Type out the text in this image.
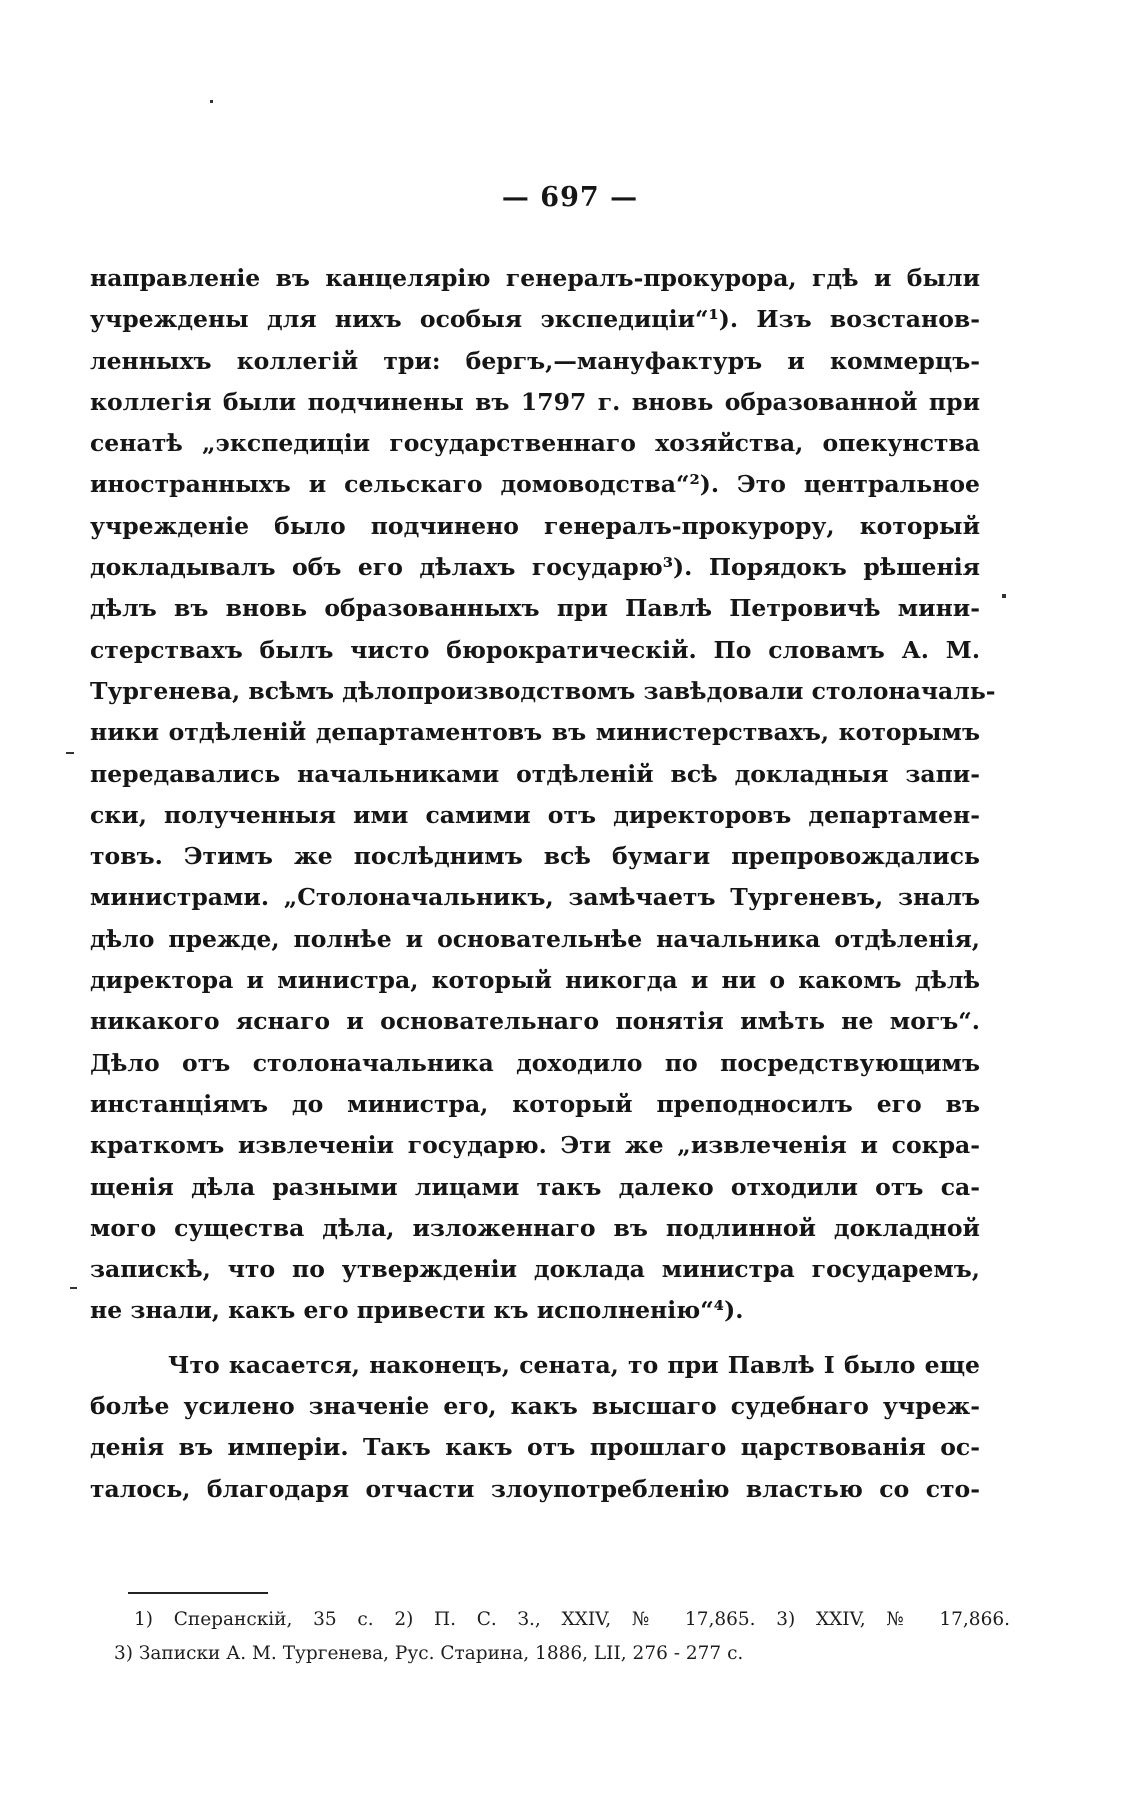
— 697 —
направленіе въ канцелярію генералъ-прокурора, гдѣ и были
учреждены для нихъ особыя экспедиціи“¹). Изъ возстанов-
ленныхъ коллегій три: бергъ,—мануфактуръ и коммерцъ-
коллегія были подчинены въ 1797 г. вновь образованной при
сенатѣ „экспедиціи государственнаго хозяйства, опекунства
иностранныхъ и сельскаго домоводства“²). Это центральное
учрежденіе было подчинено генералъ-прокурору, который
докладывалъ объ его дѣлахъ государю³). Порядокъ рѣшенія
дѣлъ въ вновь образованныхъ при Павлѣ Петровичѣ мини-
стерствахъ былъ чисто бюрократическій. По словамъ А. М.
Тургенева, всѣмъ дѣлопроизводствомъ завѣдовали столоначаль-
ники отдѣленій департаментовъ въ министерствахъ, которымъ
передавались начальниками отдѣленій всѣ докладныя запи-
ски, полученныя ими самими отъ директоровъ департамен-
товъ. Этимъ же послѣднимъ всѣ бумаги препровождались
министрами. „Столоначальникъ, замѣчаетъ Тургеневъ, зналъ
дѣло прежде, полнѣе и основательнѣе начальника отдѣленія,
директора и министра, который никогда и ни о какомъ дѣлѣ
никакого яснаго и основательнаго понятія имѣть не могъ“.
Дѣло отъ столоначальника доходило по посредствующимъ
инстанціямъ до министра, который преподносилъ его въ
краткомъ извлеченіи государю. Эти же „извлеченія и сокра-
щенія дѣла разными лицами такъ далеко отходили отъ са-
мого существа дѣла, изложеннаго въ подлинной докладной
запискѣ, что по утвержденіи доклада министра государемъ,
не знали, какъ его привести къ исполненію“⁴).
Что касается, наконецъ, сената, то при Павлѣ I было еще
болѣе усилено значеніе его, какъ высшаго судебнаго учреж-
денія въ имперіи. Такъ какъ отъ прошлаго царствованія ос-
талось, благодаря отчасти злоупотребленію властью со сто-
1) Сперанскій, 35 с. 2) П. С. З., XXIV, № 17,865. 3) XXIV, № 17,866.
3) Записки А. М. Тургенева, Рус. Старина, 1886, LII, 276 - 277 с.
